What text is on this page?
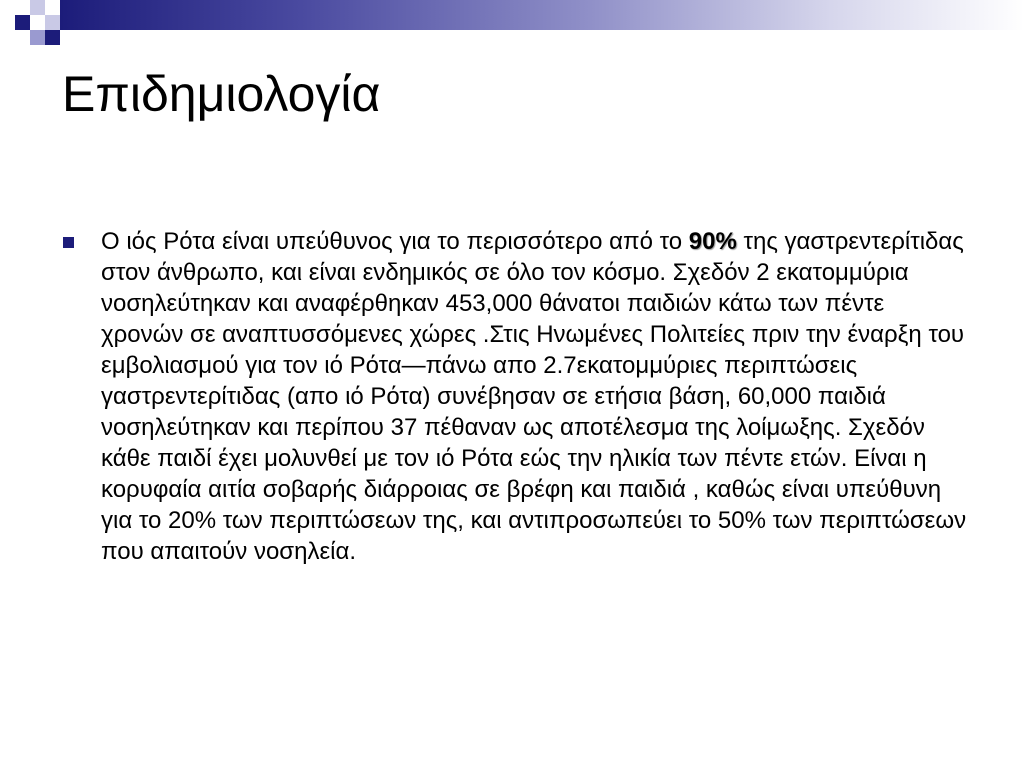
Επιδημιολογία

Ο ιός Ρότα είναι υπεύθυνος για το περισσότερο από το 90% της γαστρεντερίτιδας στον άνθρωπο, και είναι ενδημικός σε όλο τον κόσμο. Σχεδόν 2 εκατομμύρια νοσηλεύτηκαν και αναφέρθηκαν 453,000 θάνατοι παιδιών κάτω των πέντε χρονών σε αναπτυσσόμενες χώρες .Στις Ηνωμένες Πολιτείες πριν την έναρξη του εμβολιασμού για τον ιό Ρότα—πάνω απο 2.7εκατομμύριες περιπτώσεις γαστρεντερίτιδας (απο ιό Ρότα) συνέβησαν σε ετήσια βάση, 60,000 παιδιά νοσηλεύτηκαν και περίπου 37 πέθαναν ως αποτέλεσμα της λοίμωξης. Σχεδόν κάθε παιδί έχει μολυνθεί με τον ιό Ρότα εώς την ηλικία των πέντε ετών. Είναι η κορυφαία αιτία σοβαρής διάρροιας σε βρέφη και παιδιά , καθώς είναι υπεύθυνη για το 20% των περιπτώσεων της, και αντιπροσωπεύει το 50% των περιπτώσεων που απαιτούν νοσηλεία.
